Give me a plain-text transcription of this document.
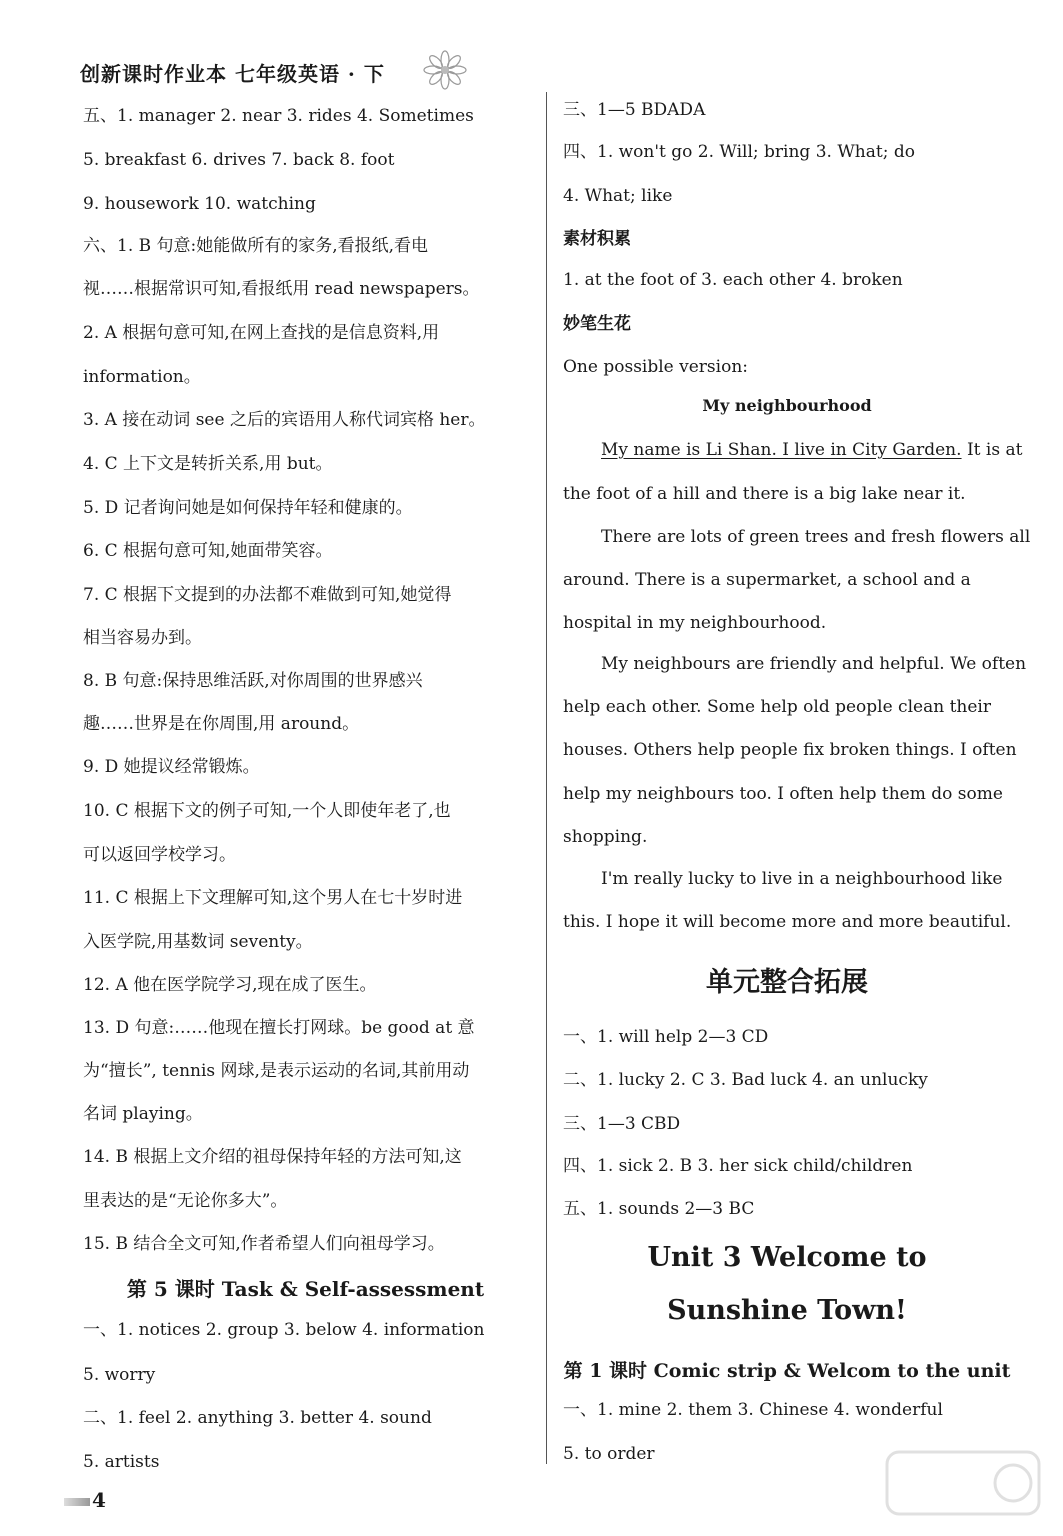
创新课时作业本 七年级英语 · 下
五、1. manager 2. near 3. rides 4. Sometimes
5. breakfast 6. drives 7. back 8. foot
9. housework 10. watching
六、1. B 句意:她能做所有的家务,看报纸,看电
视……根据常识可知,看报纸用 read newspapers。
2. A 根据句意可知,在网上查找的是信息资料,用
information。
3. A 接在动词 see 之后的宾语用人称代词宾格 her。
4. C 上下文是转折关系,用 but。
5. D 记者询问她是如何保持年轻和健康的。
6. C 根据句意可知,她面带笑容。
7. C 根据下文提到的办法都不难做到可知,她觉得
相当容易办到。
8. B 句意:保持思维活跃,对你周围的世界感兴
趣……世界是在你周围,用 around。
9. D 她提议经常锻炼。
10. C 根据下文的例子可知,一个人即使年老了,也
可以返回学校学习。
11. C 根据上下文理解可知,这个男人在七十岁时进
入医学院,用基数词 seventy。
12. A 他在医学院学习,现在成了医生。
13. D 句意:……他现在擅长打网球。be good at 意
为“擅长”, tennis 网球,是表示运动的名词,其前用动
名词 playing。
14. B 根据上文介绍的祖母保持年轻的方法可知,这
里表达的是“无论你多大”。
15. B 结合全文可知,作者希望人们向祖母学习。
第 5 课时 Task & Self-assessment
一、1. notices 2. group 3. below 4. information
5. worry
二、1. feel 2. anything 3. better 4. sound
5. artists
三、1—5 BDADA
四、1. won't go 2. Will; bring 3. What; do
4. What; like
素材积累
1. at the foot of 3. each other 4. broken
妙笔生花
One possible version:
My neighbourhood
My name is Li Shan. I live in City Garden. It is at
the foot of a hill and there is a big lake near it.
There are lots of green trees and fresh flowers all
around. There is a supermarket, a school and a
hospital in my neighbourhood.
My neighbours are friendly and helpful. We often
help each other. Some help old people clean their
houses. Others help people fix broken things. I often
help my neighbours too. I often help them do some
shopping.
I'm really lucky to live in a neighbourhood like
this. I hope it will become more and more beautiful.
单元整合拓展
一、1. will help 2—3 CD
二、1. lucky 2. C 3. Bad luck 4. an unlucky
三、1—3 CBD
四、1. sick 2. B 3. her sick child/children
五、1. sounds 2—3 BC
Unit 3 Welcome to
Sunshine Town!
第 1 课时 Comic strip & Welcom to the unit
一、1. mine 2. them 3. Chinese 4. wonderful
5. to order
4
